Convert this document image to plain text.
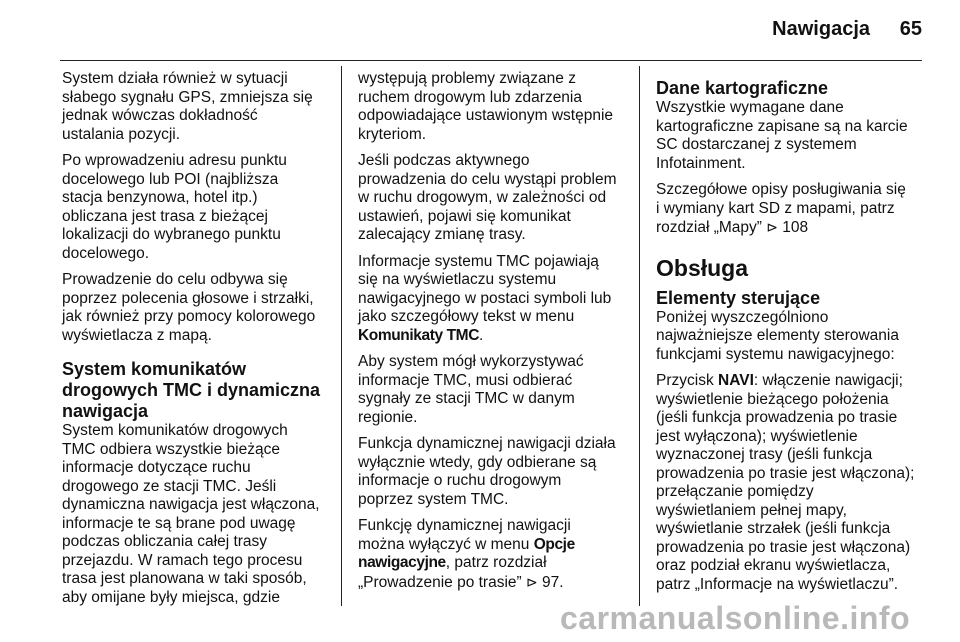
Nawigacja 65

System działa również w sytuacji
słabego sygnału GPS, zmniejsza się
jednak wówczas dokładność
ustalania pozycji.

Po wprowadzeniu adresu punktu
docelowego lub POI (najbliższa
stacja benzynowa, hotel itp.)
obliczana jest trasa z bieżącej
lokalizacji do wybranego punktu
docelowego.

Prowadzenie do celu odbywa się
poprzez polecenia głosowe i strzałki,
jak również przy pomocy kolorowego
wyświetlacza z mapą.

System komunikatów
drogowych TMC i dynamiczna
nawigacja

System komunikatów drogowych
TMC odbiera wszystkie bieżące
informacje dotyczące ruchu
drogowego ze stacji TMC. Jeśli
dynamiczna nawigacja jest włączona,
informacje te są brane pod uwagę
podczas obliczania całej trasy
przejazdu. W ramach tego procesu
trasa jest planowana w taki sposób,
aby omijane były miejsca, gdzie

występują problemy związane z
ruchem drogowym lub zdarzenia
odpowiadające ustawionym wstępnie
kryteriom.

Jeśli podczas aktywnego
prowadzenia do celu wystąpi problem
w ruchu drogowym, w zależności od
ustawień, pojawi się komunikat
zalecający zmianę trasy.

Informacje systemu TMC pojawiają
się na wyświetlaczu systemu
nawigacyjnego w postaci symboli lub
jako szczegółowy tekst w menu
Komunikaty TMC.

Aby system mógł wykorzystywać
informacje TMC, musi odbierać
sygnały ze stacji TMC w danym
regionie.

Funkcja dynamicznej nawigacji działa
wyłącznie wtedy, gdy odbierane są
informacje o ruchu drogowym
poprzez system TMC.

Funkcję dynamicznej nawigacji
można wyłączyć w menu Opcje
nawigacyjne, patrz rozdział
„Prowadzenie po trasie” ⊳ 97.

Dane kartograficzne

Wszystkie wymagane dane
kartograficzne zapisane są na karcie
SC dostarczanej z systemem
Infotainment.

Szczegółowe opisy posługiwania się
i wymiany kart SD z mapami, patrz
rozdział „Mapy” ⊳ 108

Obsługa
Elementy sterujące

Poniżej wyszczególniono
najważniejsze elementy sterowania
funkcjami systemu nawigacyjnego:

Przycisk NAVI: włączenie nawigacji;
wyświetlenie bieżącego położenia
(jeśli funkcja prowadzenia po trasie
jest wyłączona); wyświetlenie
wyznaczonej trasy (jeśli funkcja
prowadzenia po trasie jest włączona);
przełączanie pomiędzy
wyświetlaniem pełnej mapy,
wyświetlanie strzałek (jeśli funkcja
prowadzenia po trasie jest włączona)
oraz podział ekranu wyświetlacza,
patrz „Informacje na wyświetlaczu”.

carmanualsonline.info
